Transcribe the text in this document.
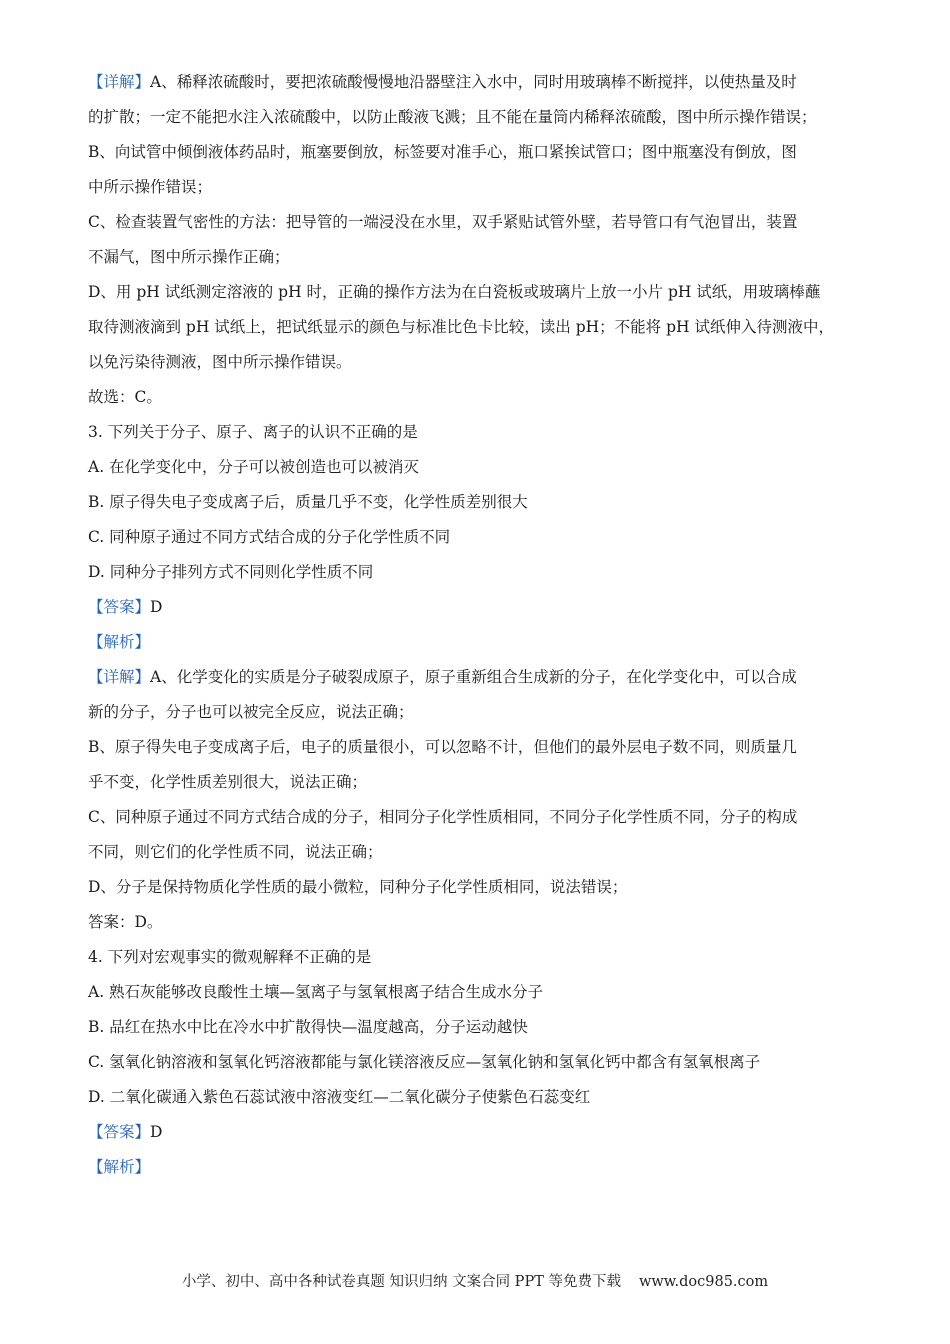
【详解】A、稀释浓硫酸时，要把浓硫酸慢慢地沿器壁注入水中，同时用玻璃棒不断搅拌，以使热量及时

的扩散；一定不能把水注入浓硫酸中，以防止酸液飞溅；且不能在量筒内稀释浓硫酸，图中所示操作错误；

B、向试管中倾倒液体药品时，瓶塞要倒放，标签要对准手心，瓶口紧挨试管口；图中瓶塞没有倒放，图

中所示操作错误；

C、检查装置气密性的方法：把导管的一端浸没在水里，双手紧贴试管外壁，若导管口有气泡冒出，装置

不漏气，图中所示操作正确；

D、用 pH 试纸测定溶液的 pH 时，正确的操作方法为在白瓷板或玻璃片上放一小片 pH 试纸，用玻璃棒蘸

取待测液滴到 pH 试纸上，把试纸显示的颜色与标准比色卡比较，读出 pH；不能将 pH 试纸伸入待测液中，

以免污染待测液，图中所示操作错误。

故选：C。

3. 下列关于分子、原子、离子的认识不正确的是

A. 在化学变化中，分子可以被创造也可以被消灭

B. 原子得失电子变成离子后，质量几乎不变，化学性质差别很大

C. 同种原子通过不同方式结合成的分子化学性质不同

D. 同种分子排列方式不同则化学性质不同

【答案】D

【解析】

【详解】A、化学变化的实质是分子破裂成原子，原子重新组合生成新的分子，在化学变化中，可以合成

新的分子，分子也可以被完全反应，说法正确；

B、原子得失电子变成离子后，电子的质量很小，可以忽略不计，但他们的最外层电子数不同，则质量几

乎不变，化学性质差别很大，说法正确；

C、同种原子通过不同方式结合成的分子，相同分子化学性质相同，不同分子化学性质不同，分子的构成

不同，则它们的化学性质不同，说法正确；

D、分子是保持物质化学性质的最小微粒，同种分子化学性质相同，说法错误；

答案：D。

4. 下列对宏观事实的微观解释不正确的是

A. 熟石灰能够改良酸性土壤—氢离子与氢氧根离子结合生成水分子

B. 品红在热水中比在冷水中扩散得快—温度越高，分子运动越快

C. 氢氧化钠溶液和氢氧化钙溶液都能与氯化镁溶液反应—氢氧化钠和氢氧化钙中都含有氢氧根离子

D. 二氧化碳通入紫色石蕊试液中溶液变红—二氧化碳分子使紫色石蕊变红

【答案】D

【解析】

小学、初中、高中各种试卷真题 知识归纳 文案合同 PPT 等免费下载 www.doc985.com
